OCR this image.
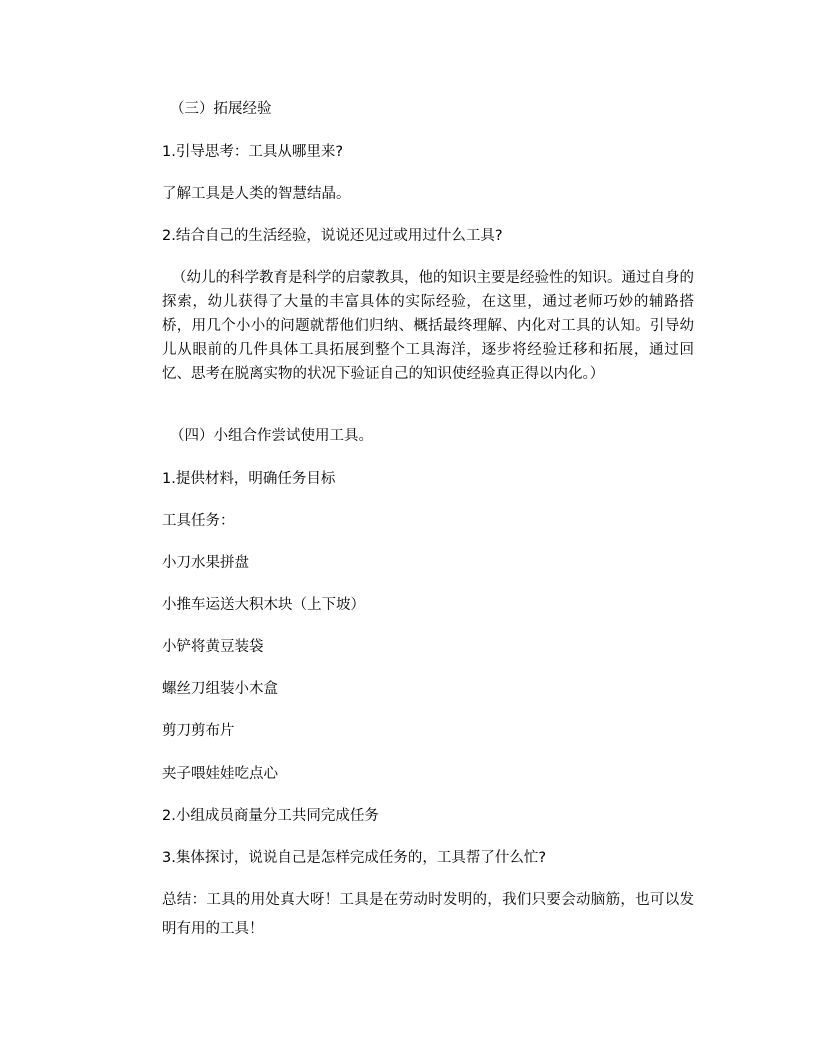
（三）拓展经验

1.引导思考：工具从哪里来?

了解工具是人类的智慧结晶。

2.结合自己的生活经验，说说还见过或用过什么工具?

（幼儿的科学教育是科学的启蒙教具，他的知识主要是经验性的知识。通过自身的探索，幼儿获得了大量的丰富具体的实际经验，在这里，通过老师巧妙的辅路搭桥，用几个小小的问题就帮他们归纳、概括最终理解、内化对工具的认知。引导幼儿从眼前的几件具体工具拓展到整个工具海洋，逐步将经验迁移和拓展，通过回忆、思考在脱离实物的状况下验证自己的知识使经验真正得以内化。）

（四）小组合作尝试使用工具。

1.提供材料，明确任务目标

工具任务：

小刀水果拼盘

小推车运送大积木块（上下坡）

小铲将黄豆装袋

螺丝刀组装小木盒

剪刀剪布片

夹子喂娃娃吃点心

2.小组成员商量分工共同完成任务

3.集体探讨，说说自己是怎样完成任务的，工具帮了什么忙?

总结：工具的用处真大呀！工具是在劳动时发明的，我们只要会动脑筋，也可以发明有用的工具！
